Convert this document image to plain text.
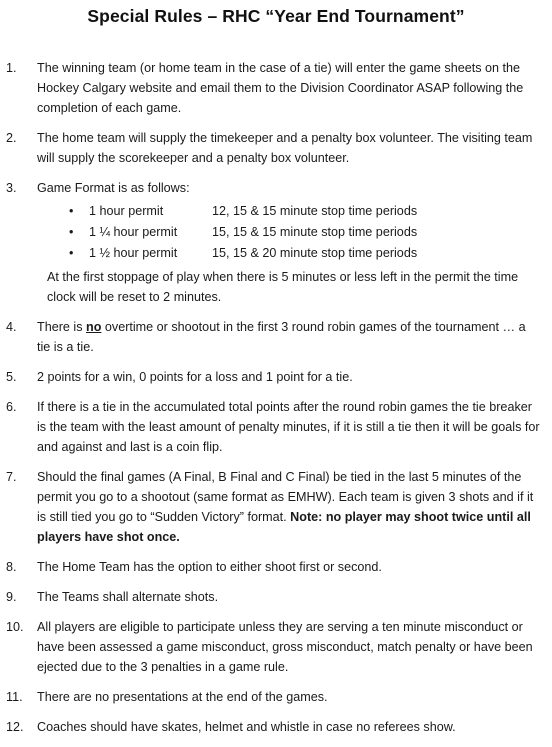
Special Rules – RHC “Year End Tournament”
1.	The winning team (or home team in the case of a tie) will enter the game sheets on the Hockey Calgary website and email them to the Division Coordinator ASAP following the completion of each game.
2.	The home team will supply the timekeeper and a penalty box volunteer. The visiting team will supply the scorekeeper and a penalty box volunteer.
3.	Game Format is as follows:
• 1 hour permit	12, 15 & 15 minute stop time periods
• 1 ¼ hour permit	15, 15 & 15 minute stop time periods
• 1 ½ hour permit	15, 15 & 20 minute stop time periods
At the first stoppage of play when there is 5 minutes or less left in the permit the time clock will be reset to 2 minutes.
4.	There is no overtime or shootout in the first 3 round robin games of the tournament … a tie is a tie.
5.	2 points for a win, 0 points for a loss and 1 point for a tie.
6.	If there is a tie in the accumulated total points after the round robin games the tie breaker is the team with the least amount of penalty minutes, if it is still a tie then it will be goals for and against and last is a coin flip.
7.	Should the final games (A Final, B Final and C Final) be tied in the last 5 minutes of the permit you go to a shootout (same format as EMHW). Each team is given 3 shots and if it is still tied you go to “Sudden Victory” format. Note: no player may shoot twice until all players have shot once.
8.	The Home Team has the option to either shoot first or second.
9.	The Teams shall alternate shots.
10.	All players are eligible to participate unless they are serving a ten minute misconduct or have been assessed a game misconduct, gross misconduct, match penalty or have been ejected due to the 3 penalties in a game rule.
11.	There are no presentations at the end of the games.
12.	Coaches should have skates, helmet and whistle in case no referees show.
